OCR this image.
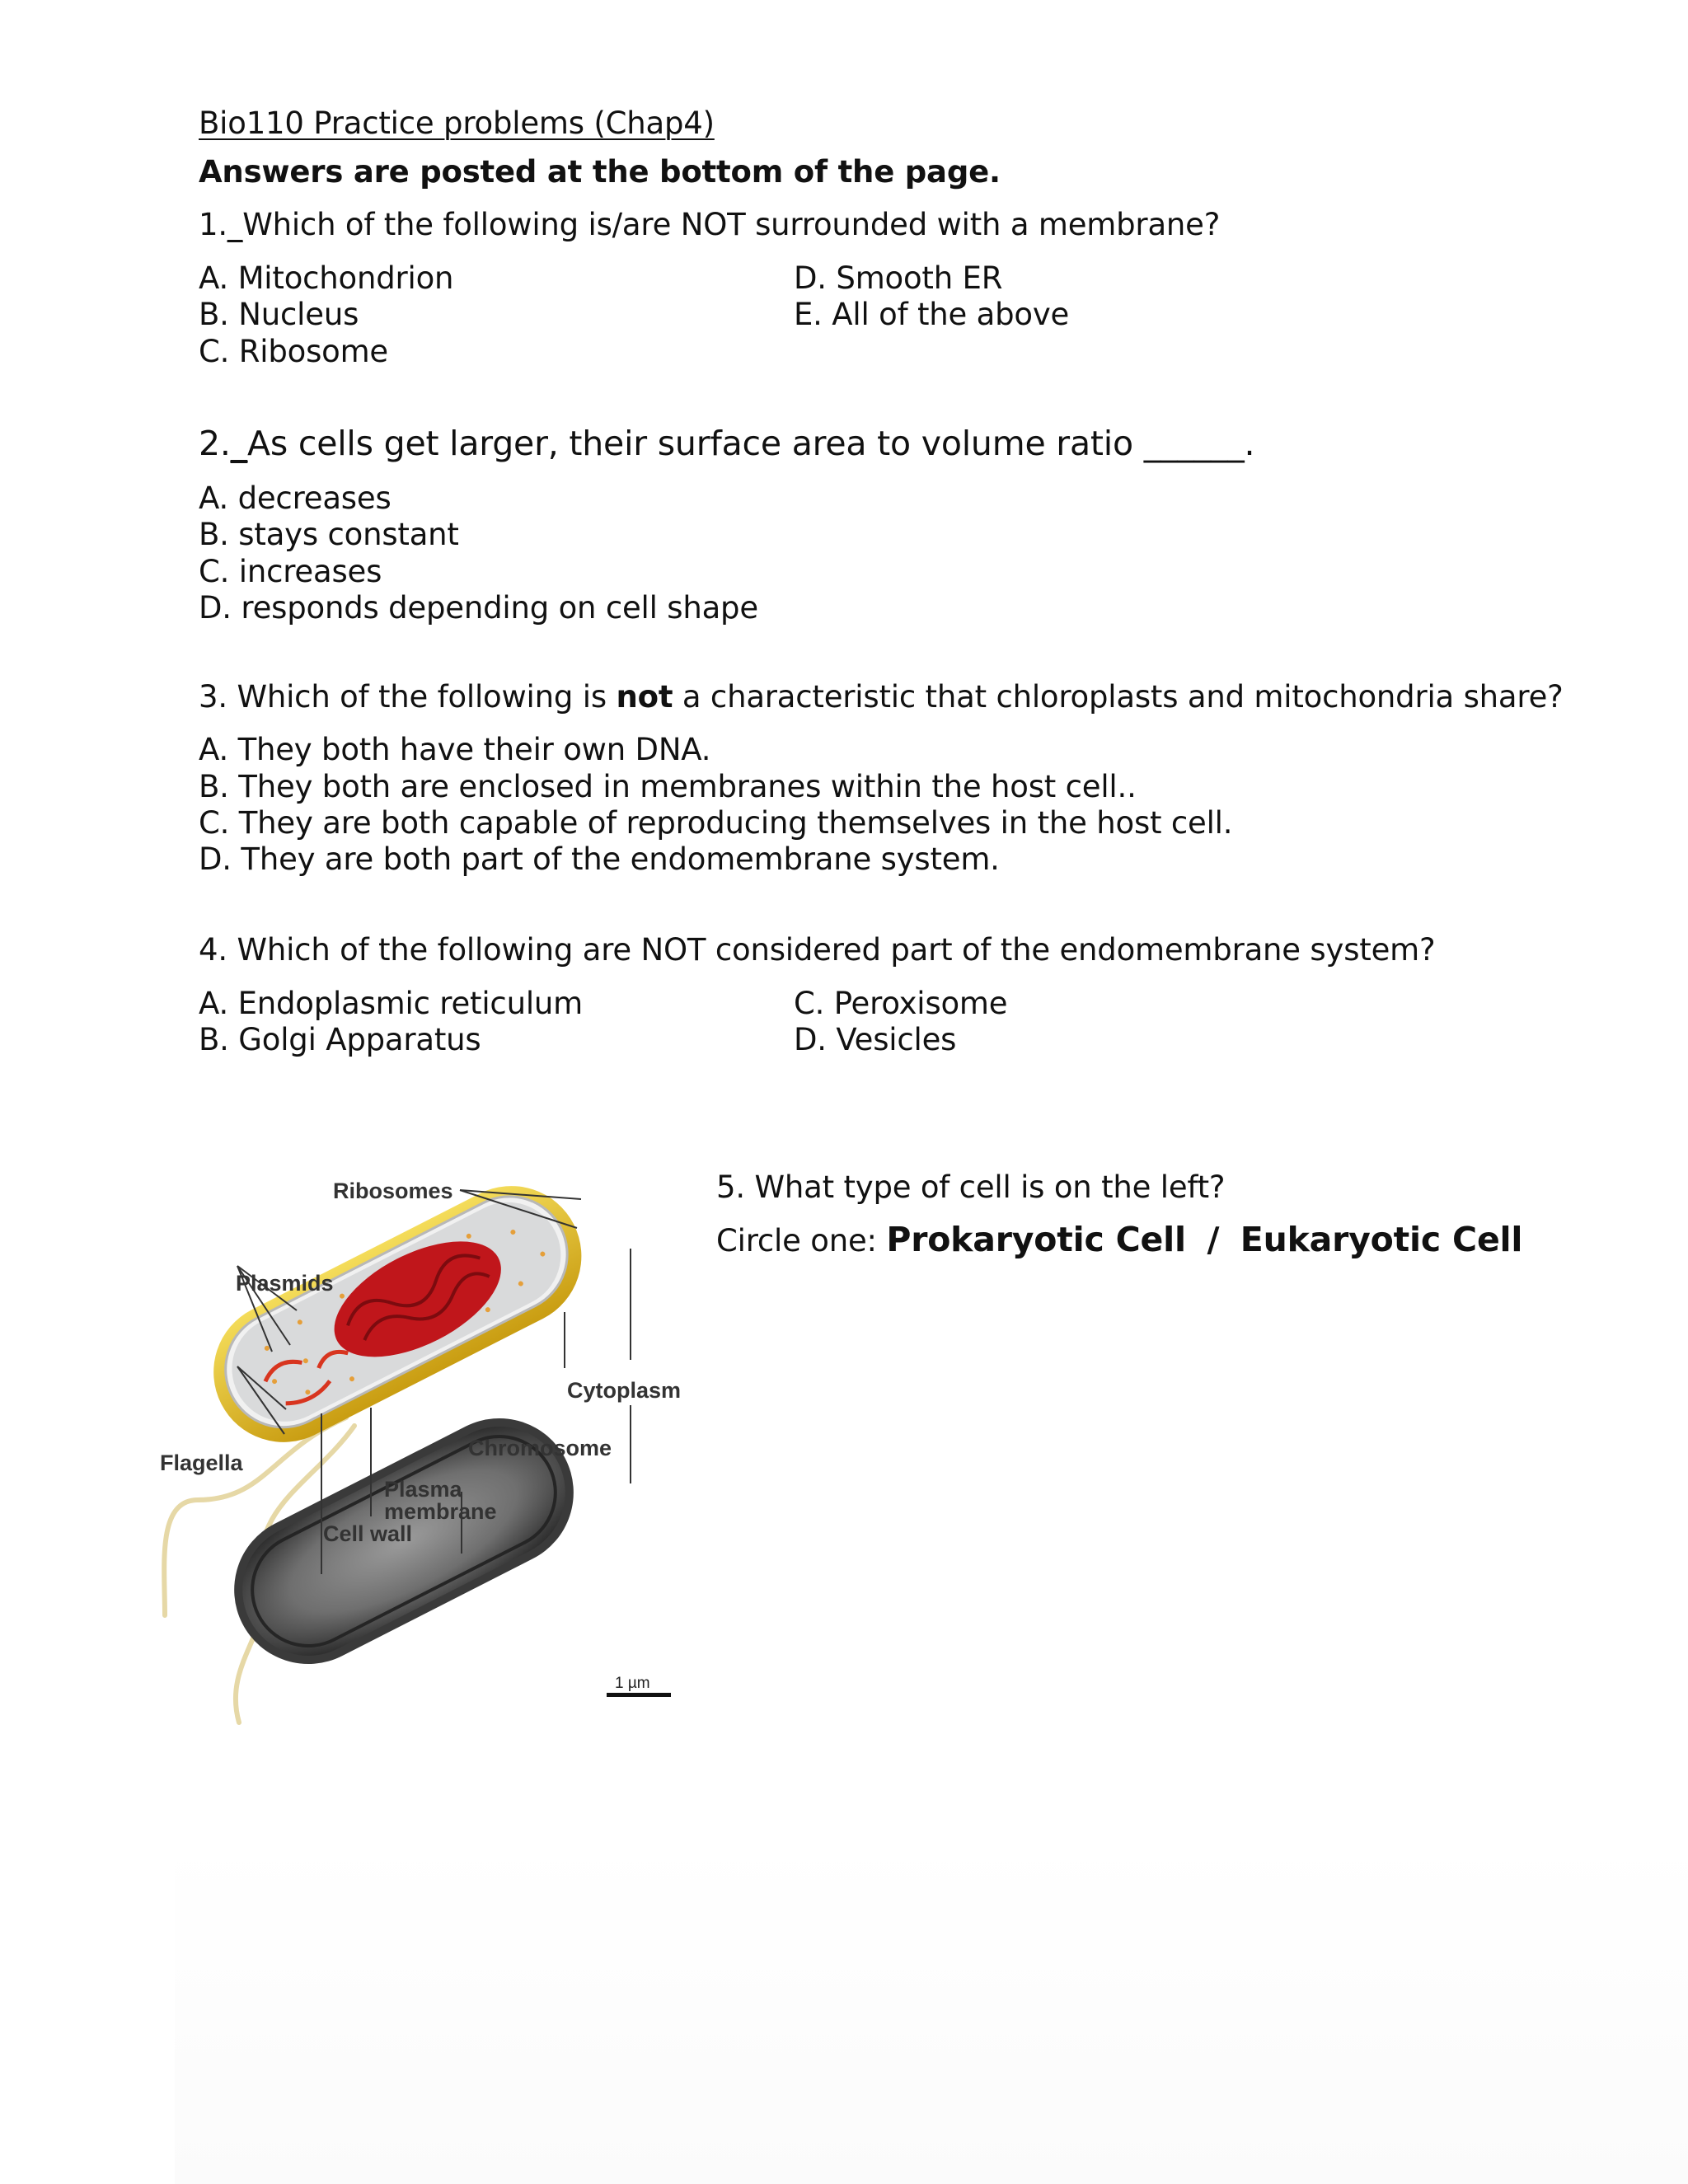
Bio110 Practice problems (Chap4)
Answers are posted at the bottom of the page.
1._Which of the following is/are NOT surrounded with a membrane?
A. Mitochondrion
B. Nucleus
C. Ribosome
D. Smooth ER
E. All of the above
2._As cells get larger, their surface area to volume ratio ______.
A. decreases
B. stays constant
C. increases
D. responds depending on cell shape
3. Which of the following is not a characteristic that chloroplasts and mitochondria share?
A. They both have their own DNA.
B. They both are enclosed in membranes within the host cell..
C. They are both capable of reproducing themselves in the host cell.
D. They are both part of the endomembrane system.
4. Which of the following are NOT considered part of the endomembrane system?
A. Endoplasmic reticulum
B. Golgi Apparatus
C. Peroxisome
D. Vesicles
5. What type of cell is on the left?
Circle one: Prokaryotic Cell / Eukaryotic Cell
Ribosomes
Plasmids
Cytoplasm
Chromosome
Flagella
Plasma
membrane
Cell wall
1 µm
